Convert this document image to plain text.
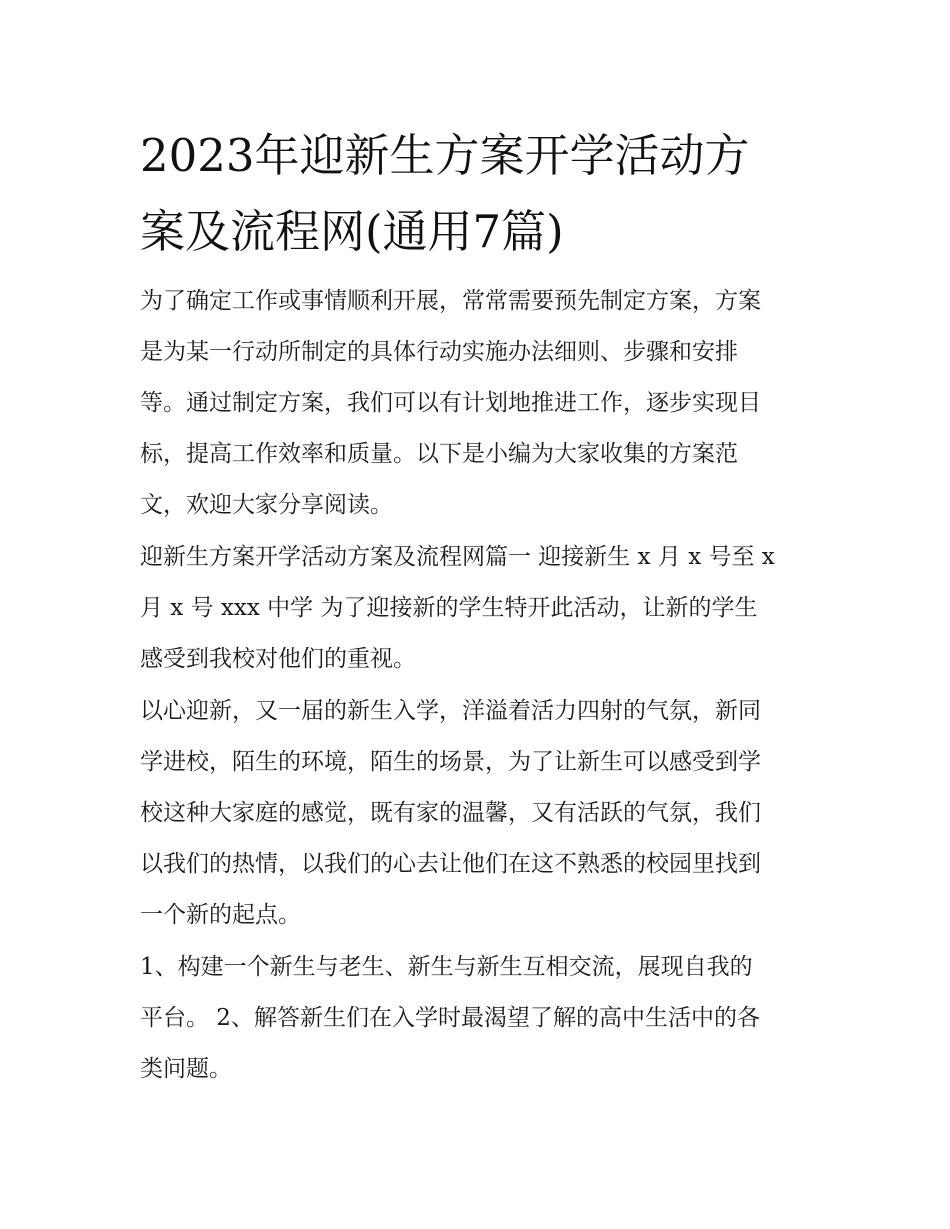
2023年迎新生方案开学活动方
案及流程网(通用7篇)

为了确定工作或事情顺利开展，常常需要预先制定方案，方案
是为某一行动所制定的具体行动实施办法细则、步骤和安排
等。通过制定方案，我们可以有计划地推进工作，逐步实现目
标，提高工作效率和质量。以下是小编为大家收集的方案范
文，欢迎大家分享阅读。

迎新生方案开学活动方案及流程网篇一 迎接新生 x 月 x 号至 x
月 x 号 xxx 中学 为了迎接新的学生特开此活动，让新的学生
感受到我校对他们的重视。

以心迎新，又一届的新生入学，洋溢着活力四射的气氛，新同
学进校，陌生的环境，陌生的场景，为了让新生可以感受到学
校这种大家庭的感觉，既有家的温馨，又有活跃的气氛，我们
以我们的热情，以我们的心去让他们在这不熟悉的校园里找到
一个新的起点。

1、构建一个新生与老生、新生与新生互相交流，展现自我的
平台。 2、解答新生们在入学时最渴望了解的高中生活中的各
类问题。
